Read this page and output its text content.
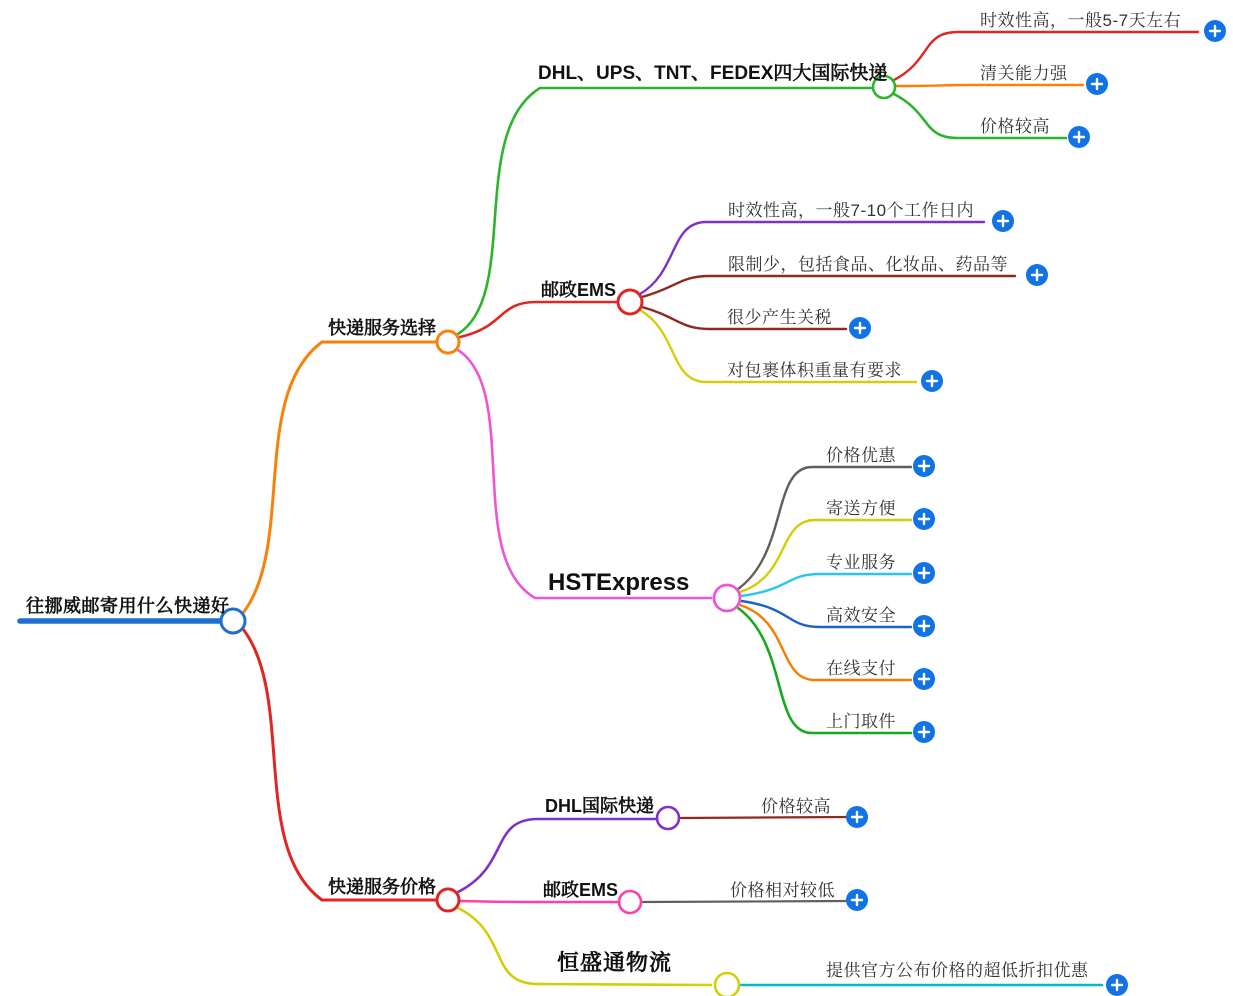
往挪威邮寄用什么快递好
快递服务选择
快递服务价格
DHL、UPS、TNT、FEDEX四大国际快递
邮政EMS
HSTExpress
DHL国际快递
邮政EMS
恒盛通物流
时效性高，一般5-7天左右
清关能力强
价格较高
时效性高，一般7-10个工作日内
限制少，包括食品、化妆品、药品等
很少产生关税
对包裹体积重量有要求
价格优惠
寄送方便
专业服务
高效安全
在线支付
上门取件
价格较高
价格相对较低
提供官方公布价格的超低折扣优惠
